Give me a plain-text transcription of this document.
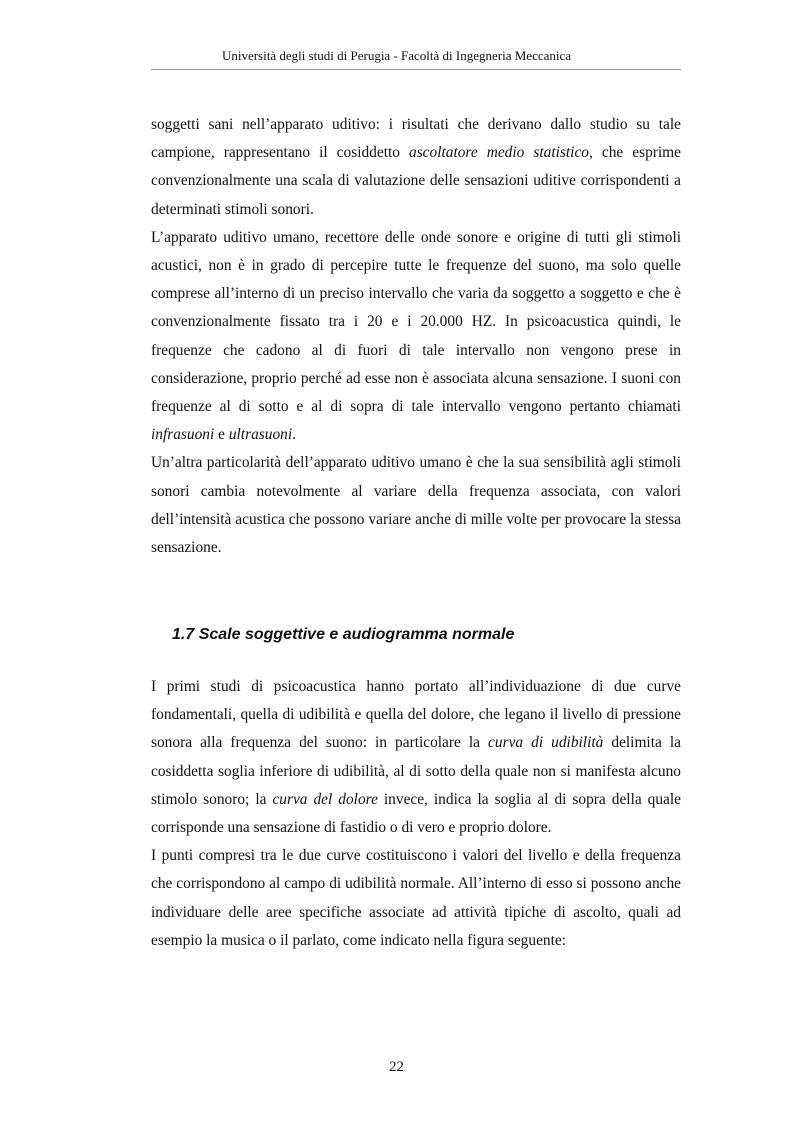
Università degli studi di Perugia - Facoltà di Ingegneria Meccanica

soggetti sani nell’apparato uditivo: i risultati che derivano dallo studio su tale campione, rappresentano il cosiddetto ascoltatore medio statistico, che esprime convenzionalmente una scala di valutazione delle sensazioni uditive corrispondenti a determinati stimoli sonori.

L’apparato uditivo umano, recettore delle onde sonore e origine di tutti gli stimoli acustici, non è in grado di percepire tutte le frequenze del suono, ma solo quelle comprese all’interno di un preciso intervallo che varia da soggetto a soggetto e che è convenzionalmente fissato tra i 20 e i 20.000 HZ. In psicoacustica quindi, le frequenze che cadono al di fuori di tale intervallo non vengono prese in considerazione, proprio perché ad esse non è associata alcuna sensazione. I suoni con frequenze al di sotto e al di sopra di tale intervallo vengono pertanto chiamati infrasuoni e ultrasuoni.

Un’altra particolarità dell’apparato uditivo umano è che la sua sensibilità agli stimoli sonori cambia notevolmente al variare della frequenza associata, con valori dell’intensità acustica che possono variare anche di mille volte per provocare la stessa sensazione.

1.7 Scale soggettive e audiogramma normale

I primi studi di psicoacustica hanno portato all’individuazione di due curve fondamentali, quella di udibilità e quella del dolore, che legano il livello di pressione sonora alla frequenza del suono: in particolare la curva di udibilità delimita la cosiddetta soglia inferiore di udibilità, al di sotto della quale non si manifesta alcuno stimolo sonoro; la curva del dolore invece, indica la soglia al di sopra della quale corrisponde una sensazione di fastidio o di vero e proprio dolore.

I punti compresi tra le due curve costituiscono i valori del livello e della frequenza che corrispondono al campo di udibilità normale. All’interno di esso si possono anche individuare delle aree specifiche associate ad attività tipiche di ascolto, quali ad esempio la musica o il parlato, come indicato nella figura seguente:

22
